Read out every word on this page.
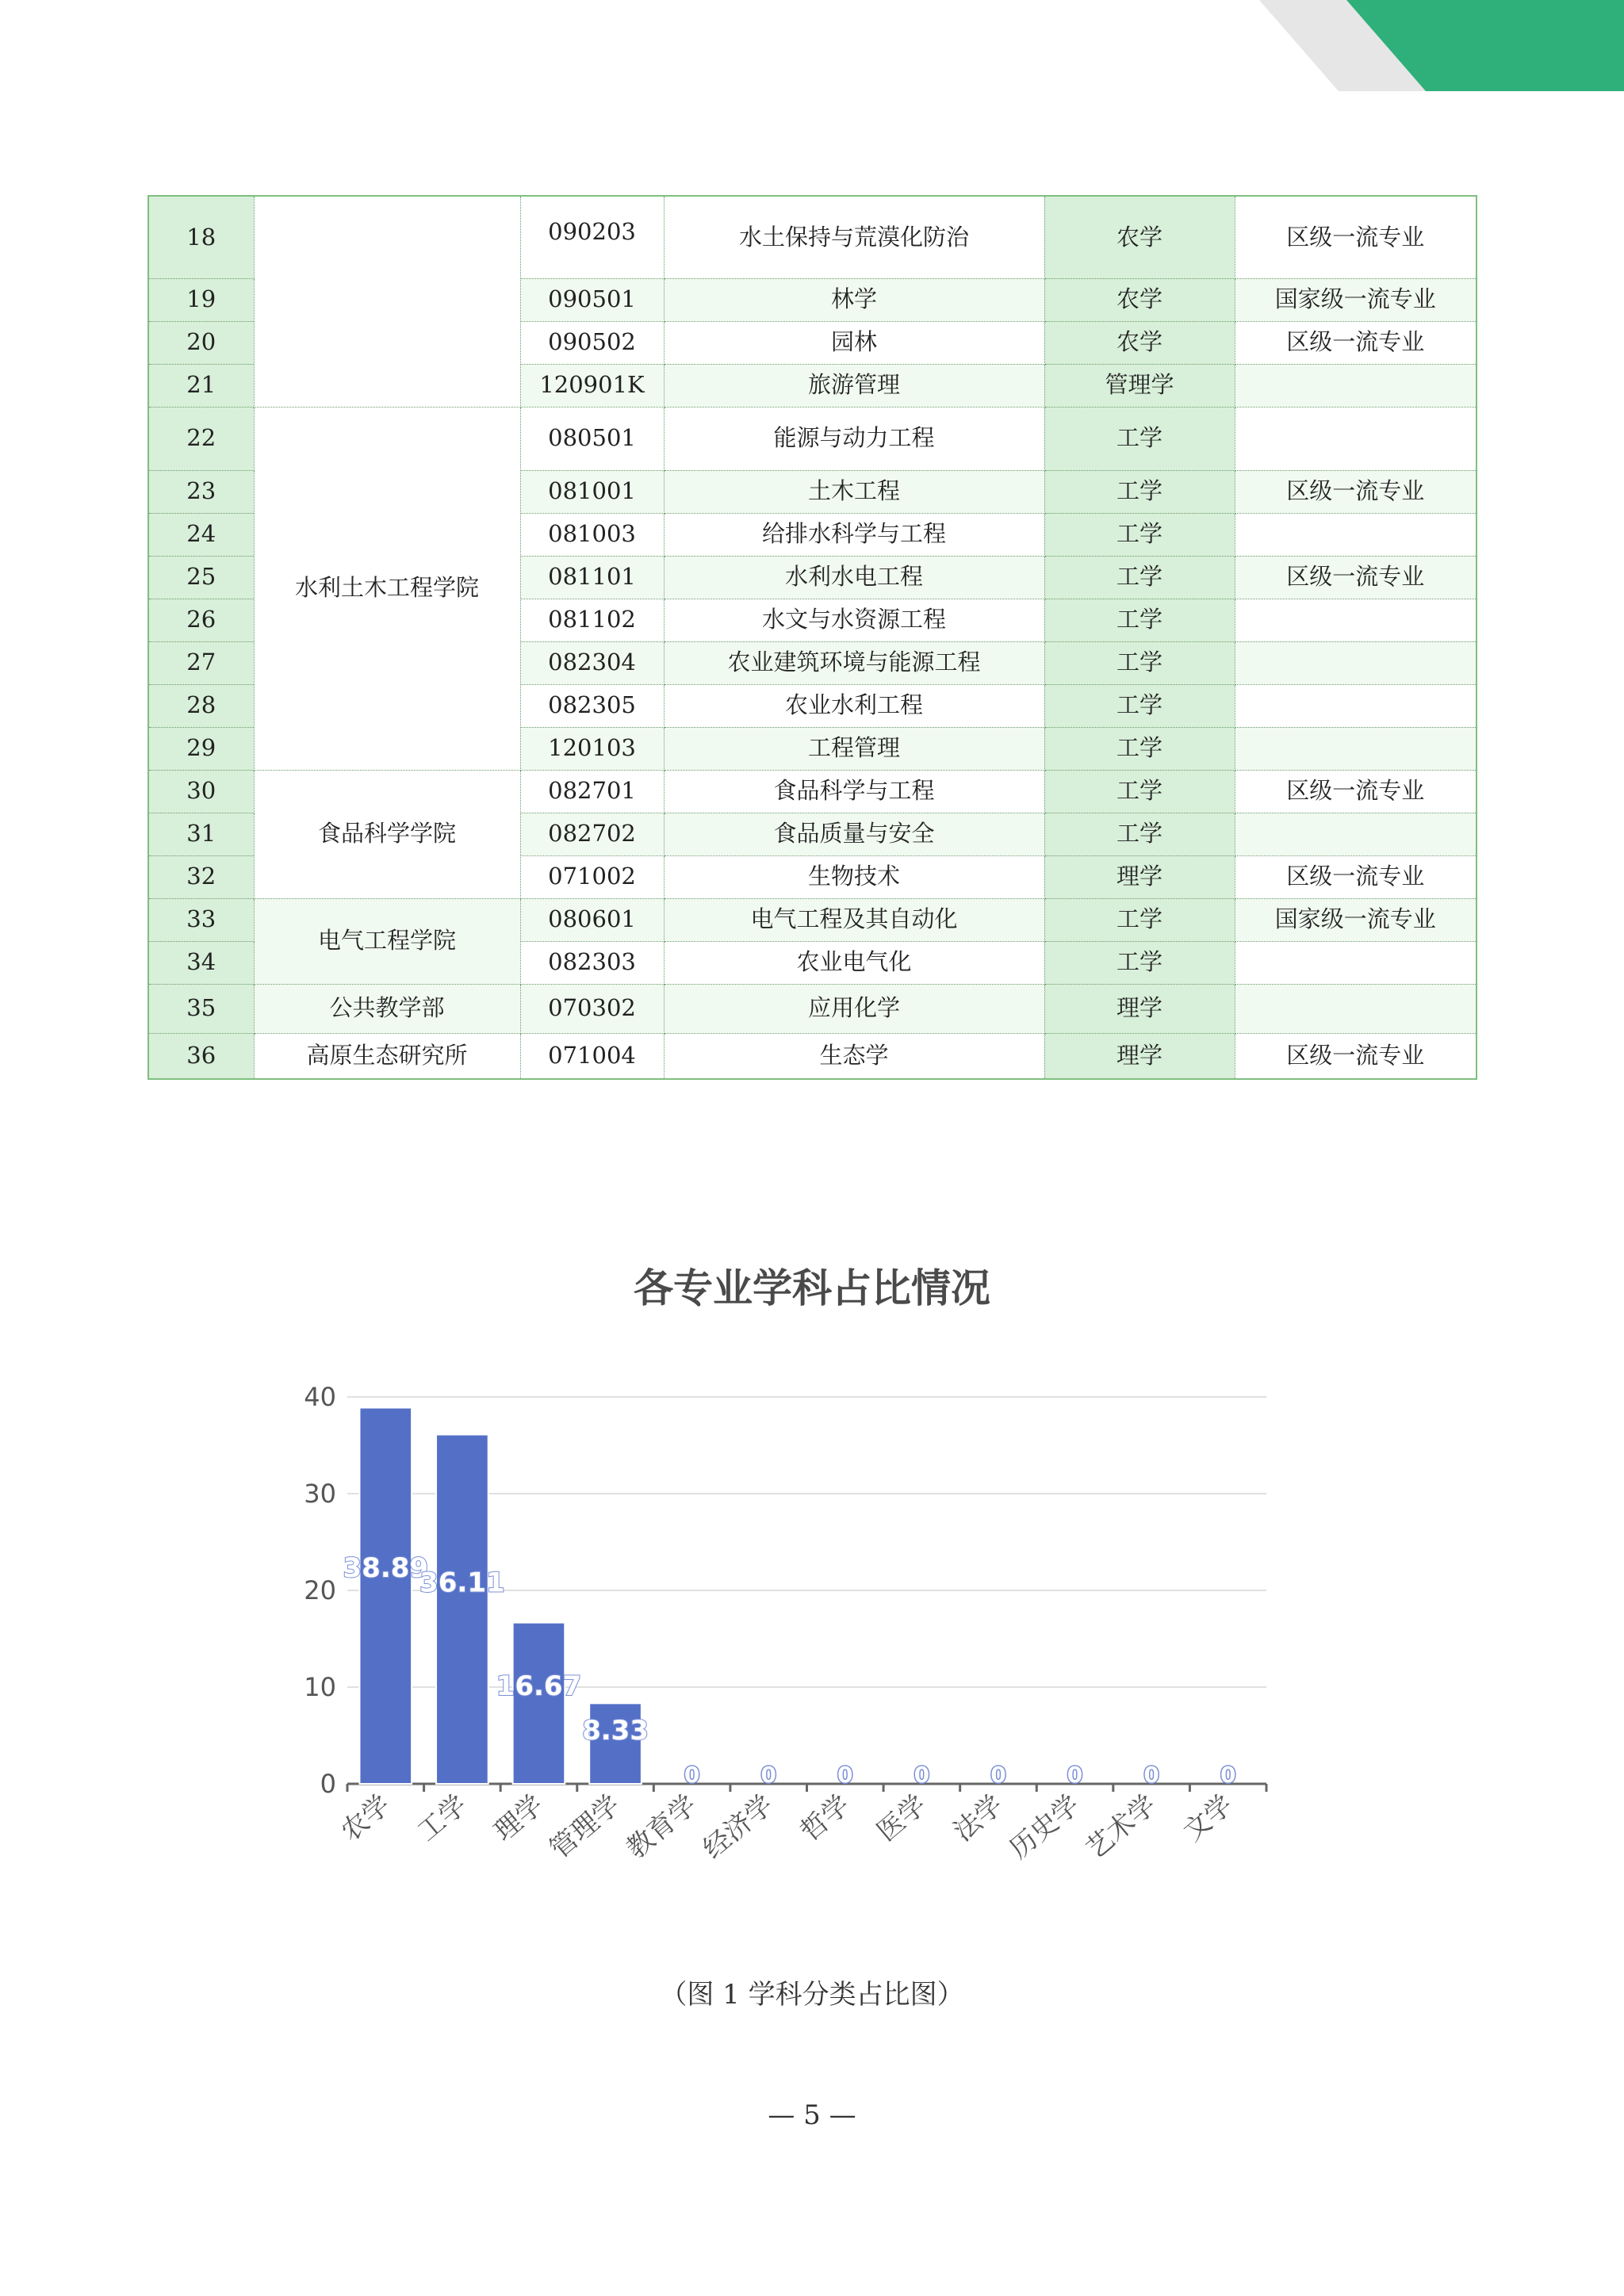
18		090203	水土保持与荒漠化防治	农学	区级一流专业
19		090501	林学	农学	国家级一流专业
20		090502	园林	农学	区级一流专业
21		120901K	旅游管理	管理学	
22	水利土木工程学院	080501	能源与动力工程	工学	
23		081001	土木工程	工学	区级一流专业
24		081003	给排水科学与工程	工学	
25		081101	水利水电工程	工学	区级一流专业
26		081102	水文与水资源工程	工学	
27		082304	农业建筑环境与能源工程	工学	
28		082305	农业水利工程	工学	
29		120103	工程管理	工学	
30	食品科学学院	082701	食品科学与工程	工学	区级一流专业
31		082702	食品质量与安全	工学	
32		071002	生物技术	理学	区级一流专业
33	电气工程学院	080601	电气工程及其自动化	工学	国家级一流专业
34		082303	农业电气化	工学	
35	公共教学部	070302	应用化学	理学	
36	高原生态研究所	071004	生态学	理学	区级一流专业
各专业学科占比情况
0
10
20
30
40
38.89
农学
36.11
工学
16.67
理学
8.33
管理学
0
教育学
0
经济学
0
哲学
0
医学
0
法学
0
历史学
0
艺术学
0
文学
（图 1 学科分类占比图）
— 5 —
